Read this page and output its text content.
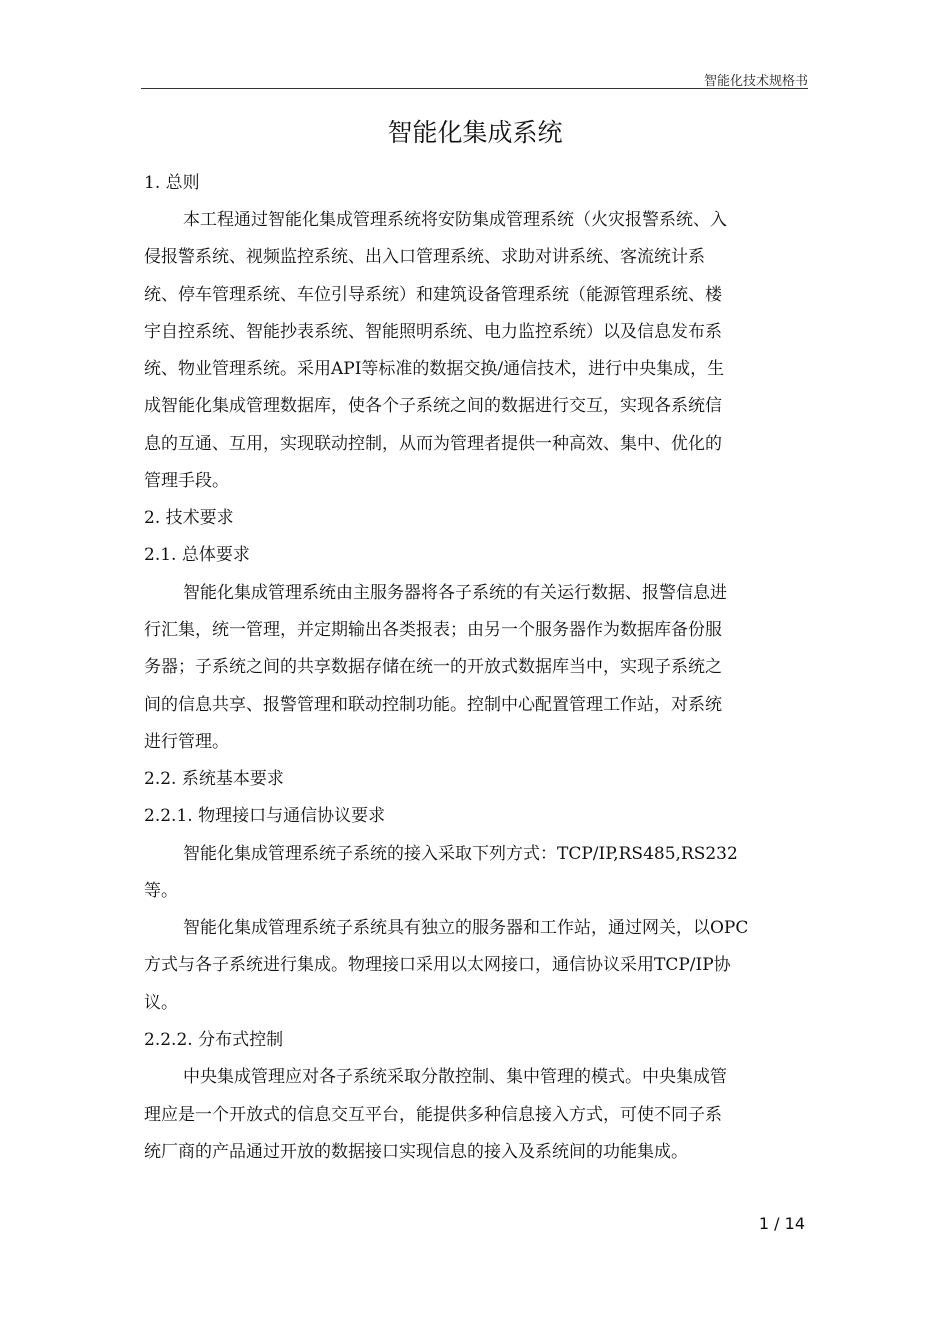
智能化技术规格书
智能化集成系统
1. 总则
本工程通过智能化集成管理系统将安防集成管理系统（火灾报警系统、入
侵报警系统、视频监控系统、出入口管理系统、求助对讲系统、客流统计系
统、停车管理系统、车位引导系统）和建筑设备管理系统（能源管理系统、楼
宇自控系统、智能抄表系统、智能照明系统、电力监控系统）以及信息发布系
统、物业管理系统。采用API等标准的数据交换/通信技术，进行中央集成，生
成智能化集成管理数据库，使各个子系统之间的数据进行交互，实现各系统信
息的互通、互用，实现联动控制，从而为管理者提供一种高效、集中、优化的
管理手段。
2. 技术要求
2.1. 总体要求
智能化集成管理系统由主服务器将各子系统的有关运行数据、报警信息进
行汇集，统一管理，并定期输出各类报表；由另一个服务器作为数据库备份服
务器；子系统之间的共享数据存储在统一的开放式数据库当中，实现子系统之
间的信息共享、报警管理和联动控制功能。控制中心配置管理工作站，对系统
进行管理。
2.2. 系统基本要求
2.2.1. 物理接口与通信协议要求
智能化集成管理系统子系统的接入采取下列方式：TCP/IP,RS485,RS232
等。
智能化集成管理系统子系统具有独立的服务器和工作站，通过网关，以OPC
方式与各子系统进行集成。物理接口采用以太网接口，通信协议采用TCP/IP协
议。
2.2.2. 分布式控制
中央集成管理应对各子系统采取分散控制、集中管理的模式。中央集成管
理应是一个开放式的信息交互平台，能提供多种信息接入方式，可使不同子系
统厂商的产品通过开放的数据接口实现信息的接入及系统间的功能集成。
1 / 14
